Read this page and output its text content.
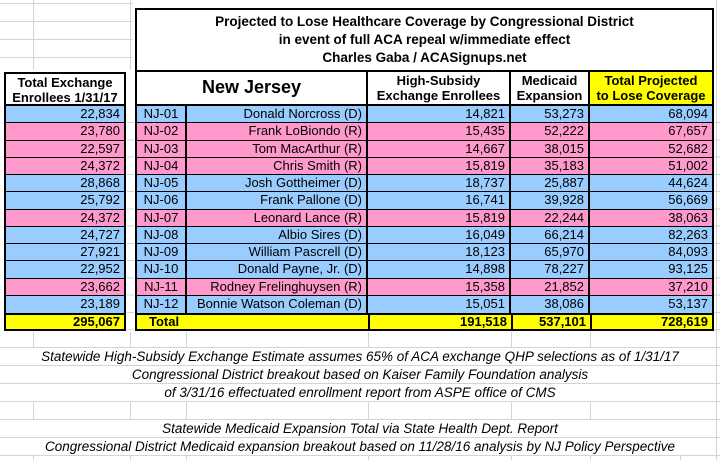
Total Exchange
Enrollees 1/31/17
22,834
23,780
22,597
24,372
28,868
25,792
24,372
24,727
27,921
22,952
23,662
23,189
295,067
Projected to Lose Healthcare Coverage by Congressional District
in event of full ACA repeal w/immediate effect
Charles Gaba / ACASignups.net
New Jersey	High-Subsidy
Exchange Enrollees
Medicaid
Expansion
Total Projected
to Lose Coverage
NJ-01	Donald Norcross (D)	14,821	53,273	68,094
NJ-02	Frank LoBiondo (R)	15,435	52,222	67,657
NJ-03	Tom MacArthur (R)	14,667	38,015	52,682
NJ-04	Chris Smith (R)	15,819	35,183	51,002
NJ-05	Josh Gottheimer (D)	18,737	25,887	44,624
NJ-06	Frank Pallone (D)	16,741	39,928	56,669
NJ-07	Leonard Lance (R)	15,819	22,244	38,063
NJ-08	Albio Sires (D)	16,049	66,214	82,263
NJ-09	William Pascrell (D)	18,123	65,970	84,093
NJ-10	Donald Payne, Jr. (D)	14,898	78,227	93,125
NJ-11	Rodney Frelinghuysen (R)	15,358	21,852	37,210
NJ-12	Bonnie Watson Coleman (D)	15,051	38,086	53,137
Total	191,518	537,101	728,619
Statewide High-Subsidy Exchange Estimate assumes 65% of ACA exchange QHP selections as of 1/31/17
Congressional District breakout based on Kaiser Family Foundation analysis
of 3/31/16 effectuated enrollment report from ASPE office of CMS
Statewide Medicaid Expansion Total via State Health Dept. Report
Congressional District Medicaid expansion breakout based on 11/28/16 analysis by NJ Policy Perspective
